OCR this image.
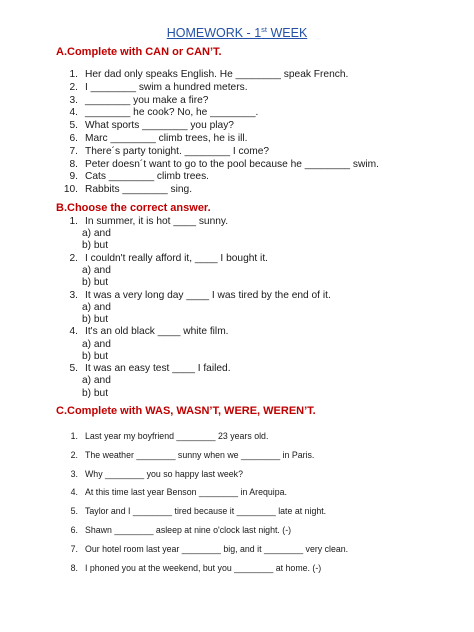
HOMEWORK - 1st WEEK
A.Complete with CAN or CAN’T.
1. Her dad only speaks English. He ________ speak French.
2. I ________ swim a hundred meters.
3. ________ you make a fire?
4. ________ he cook? No, he ________.
5. What sports ________ you play?
6. Marc ________ climb trees, he is ill.
7. There´s party tonight. ________ I come?
8. Peter doesn´t want to go to the pool because he ________ swim.
9. Cats ________ climb trees.
10. Rabbits ________ sing.
B.Choose the correct answer.
1. In summer, it is hot ____ sunny.
a) and
b) but
2. I couldn't really afford it, ____ I bought it.
a) and
b) but
3. It was a very long day ____ I was tired by the end of it.
a) and
b) but
4. It's an old black ____ white film.
a) and
b) but
5. It was an easy test ____ I failed.
a) and
b) but
C.Complete with WAS, WASN’T, WERE, WEREN’T.
1. Last year my boyfriend ________ 23 years old.
2. The weather ________ sunny when we ________ in Paris.
3. Why ________ you so happy last week?
4. At this time last year Benson ________ in Arequipa.
5. Taylor and I ________ tired because it ________ late at night.
6. Shawn ________ asleep at nine o'clock last night. (-)
7. Our hotel room last year ________ big, and it ________ very clean.
8. I phoned you at the weekend, but you ________ at home. (-)
